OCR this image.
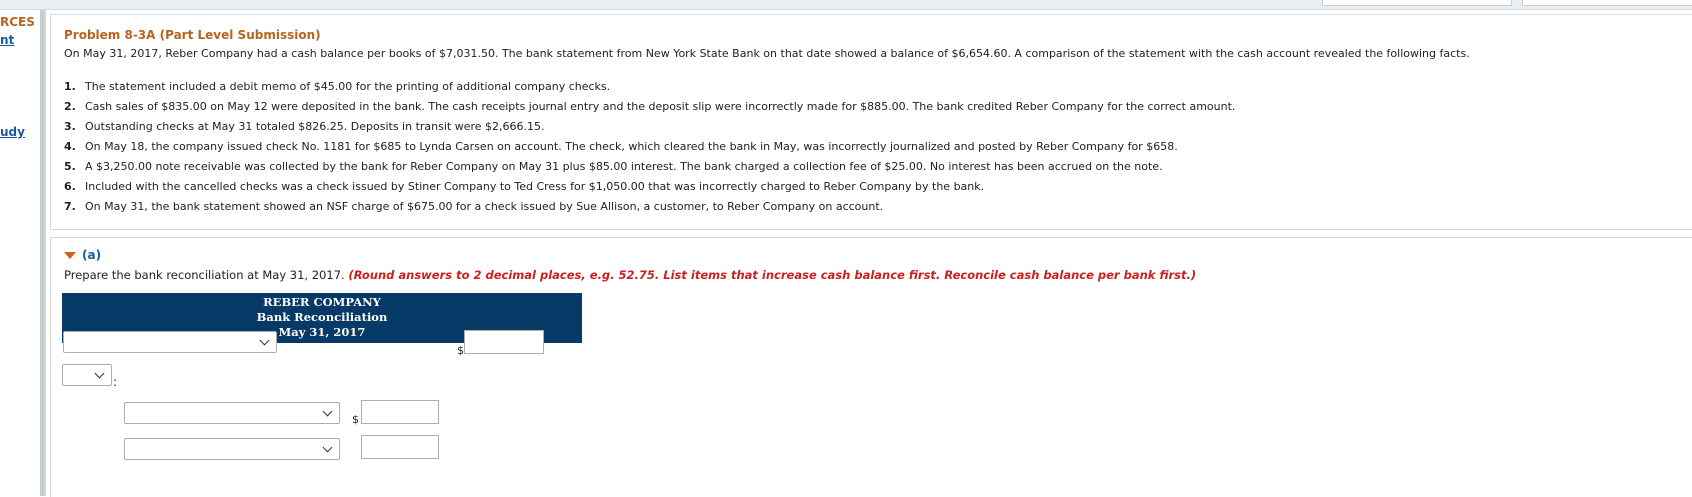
RCES
nt
udy
Problem 8-3A (Part Level Submission)
On May 31, 2017, Reber Company had a cash balance per books of $7,031.50. The bank statement from New York State Bank on that date showed a balance of $6,654.60. A comparison of the statement with the cash account revealed the following facts.
1. The statement included a debit memo of $45.00 for the printing of additional company checks.
2. Cash sales of $835.00 on May 12 were deposited in the bank. The cash receipts journal entry and the deposit slip were incorrectly made for $885.00. The bank credited Reber Company for the correct amount.
3. Outstanding checks at May 31 totaled $826.25. Deposits in transit were $2,666.15.
4. On May 18, the company issued check No. 1181 for $685 to Lynda Carsen on account. The check, which cleared the bank in May, was incorrectly journalized and posted by Reber Company for $658.
5. A $3,250.00 note receivable was collected by the bank for Reber Company on May 31 plus $85.00 interest. The bank charged a collection fee of $25.00. No interest has been accrued on the note.
6. Included with the cancelled checks was a check issued by Stiner Company to Ted Cress for $1,050.00 that was incorrectly charged to Reber Company by the bank.
7. On May 31, the bank statement showed an NSF charge of $675.00 for a check issued by Sue Allison, a customer, to Reber Company on account.
(a)
Prepare the bank reconciliation at May 31, 2017. (Round answers to 2 decimal places, e.g. 52.75. List items that increase cash balance first. Reconcile cash balance per bank first.)
REBER COMPANY
Bank Reconciliation
May 31, 2017
$
:
$
